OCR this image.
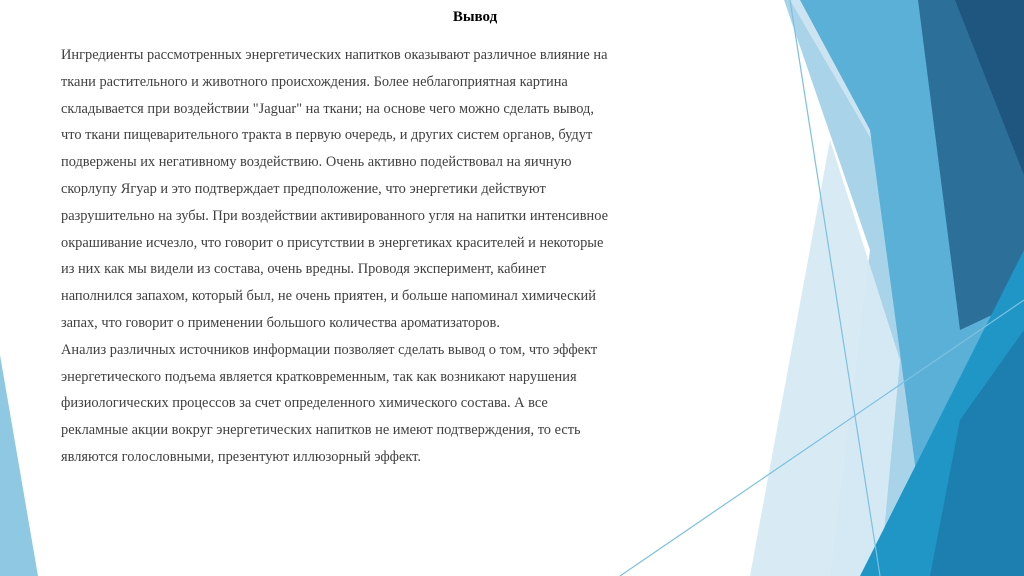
Вывод

Ингредиенты рассмотренных энергетических напитков оказывают различное влияние на ткани растительного и животного происхождения. Более неблагоприятная картина складывается при воздействии "Jaguar" на ткани; на основе чего можно сделать вывод, что ткани пищеварительного тракта в первую очередь, и других систем органов, будут подвержены их негативному воздействию. Очень активно подействовал на яичную скорлупу Ягуар и это подтверждает предположение, что энергетики действуют разрушительно на зубы. При воздействии активированного угля на напитки интенсивное окрашивание исчезло, что говорит о присутствии в энергетиках красителей и некоторые из них как мы видели из состава, очень вредны. Проводя эксперимент, кабинет наполнился запахом, который был, не очень приятен, и больше напоминал химический запах, что говорит о применении большого количества ароматизаторов.

Анализ различных источников информации позволяет сделать вывод о том, что эффект энергетического подъема является кратковременным, так как возникают нарушения физиологических процессов за счет определенного химического состава. А все рекламные акции вокруг энергетических напитков не имеют подтверждения, то есть являются голословными, презентуют иллюзорный эффект.
